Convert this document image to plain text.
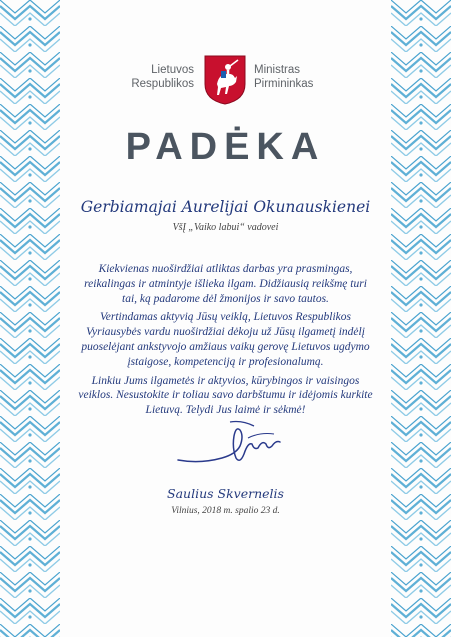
Lietuvos
Respublikos
Ministras
Pirmininkas
PADĖKA
Gerbiamajai Aurelijai Okunauskienei
VšĮ „Vaiko labui“ vadovei

Kiekvienas nuoširdžiai atliktas darbas yra prasmingas,
reikalingas ir atmintyje išlieka ilgam. Didžiausią reikšmę turi
tai, ką padarome dėl žmonijos ir savo tautos.

Vertindamas aktyvią Jūsų veiklą, Lietuvos Respublikos
Vyriausybės vardu nuoširdžiai dėkoju už Jūsų ilgametį indėlį
puoselėjant ankstyvojo amžiaus vaikų gerovę Lietuvos ugdymo
įstaigose, kompetenciją ir profesionalumą.

Linkiu Jums ilgametės ir aktyvios, kūrybingos ir vaisingos
veiklos. Nesustokite ir toliau savo darbštumu ir idėjomis kurkite
Lietuvą. Telydi Jus laimė ir sėkmė!

Saulius Skvernelis
Vilnius, 2018 m. spalio 23 d.
